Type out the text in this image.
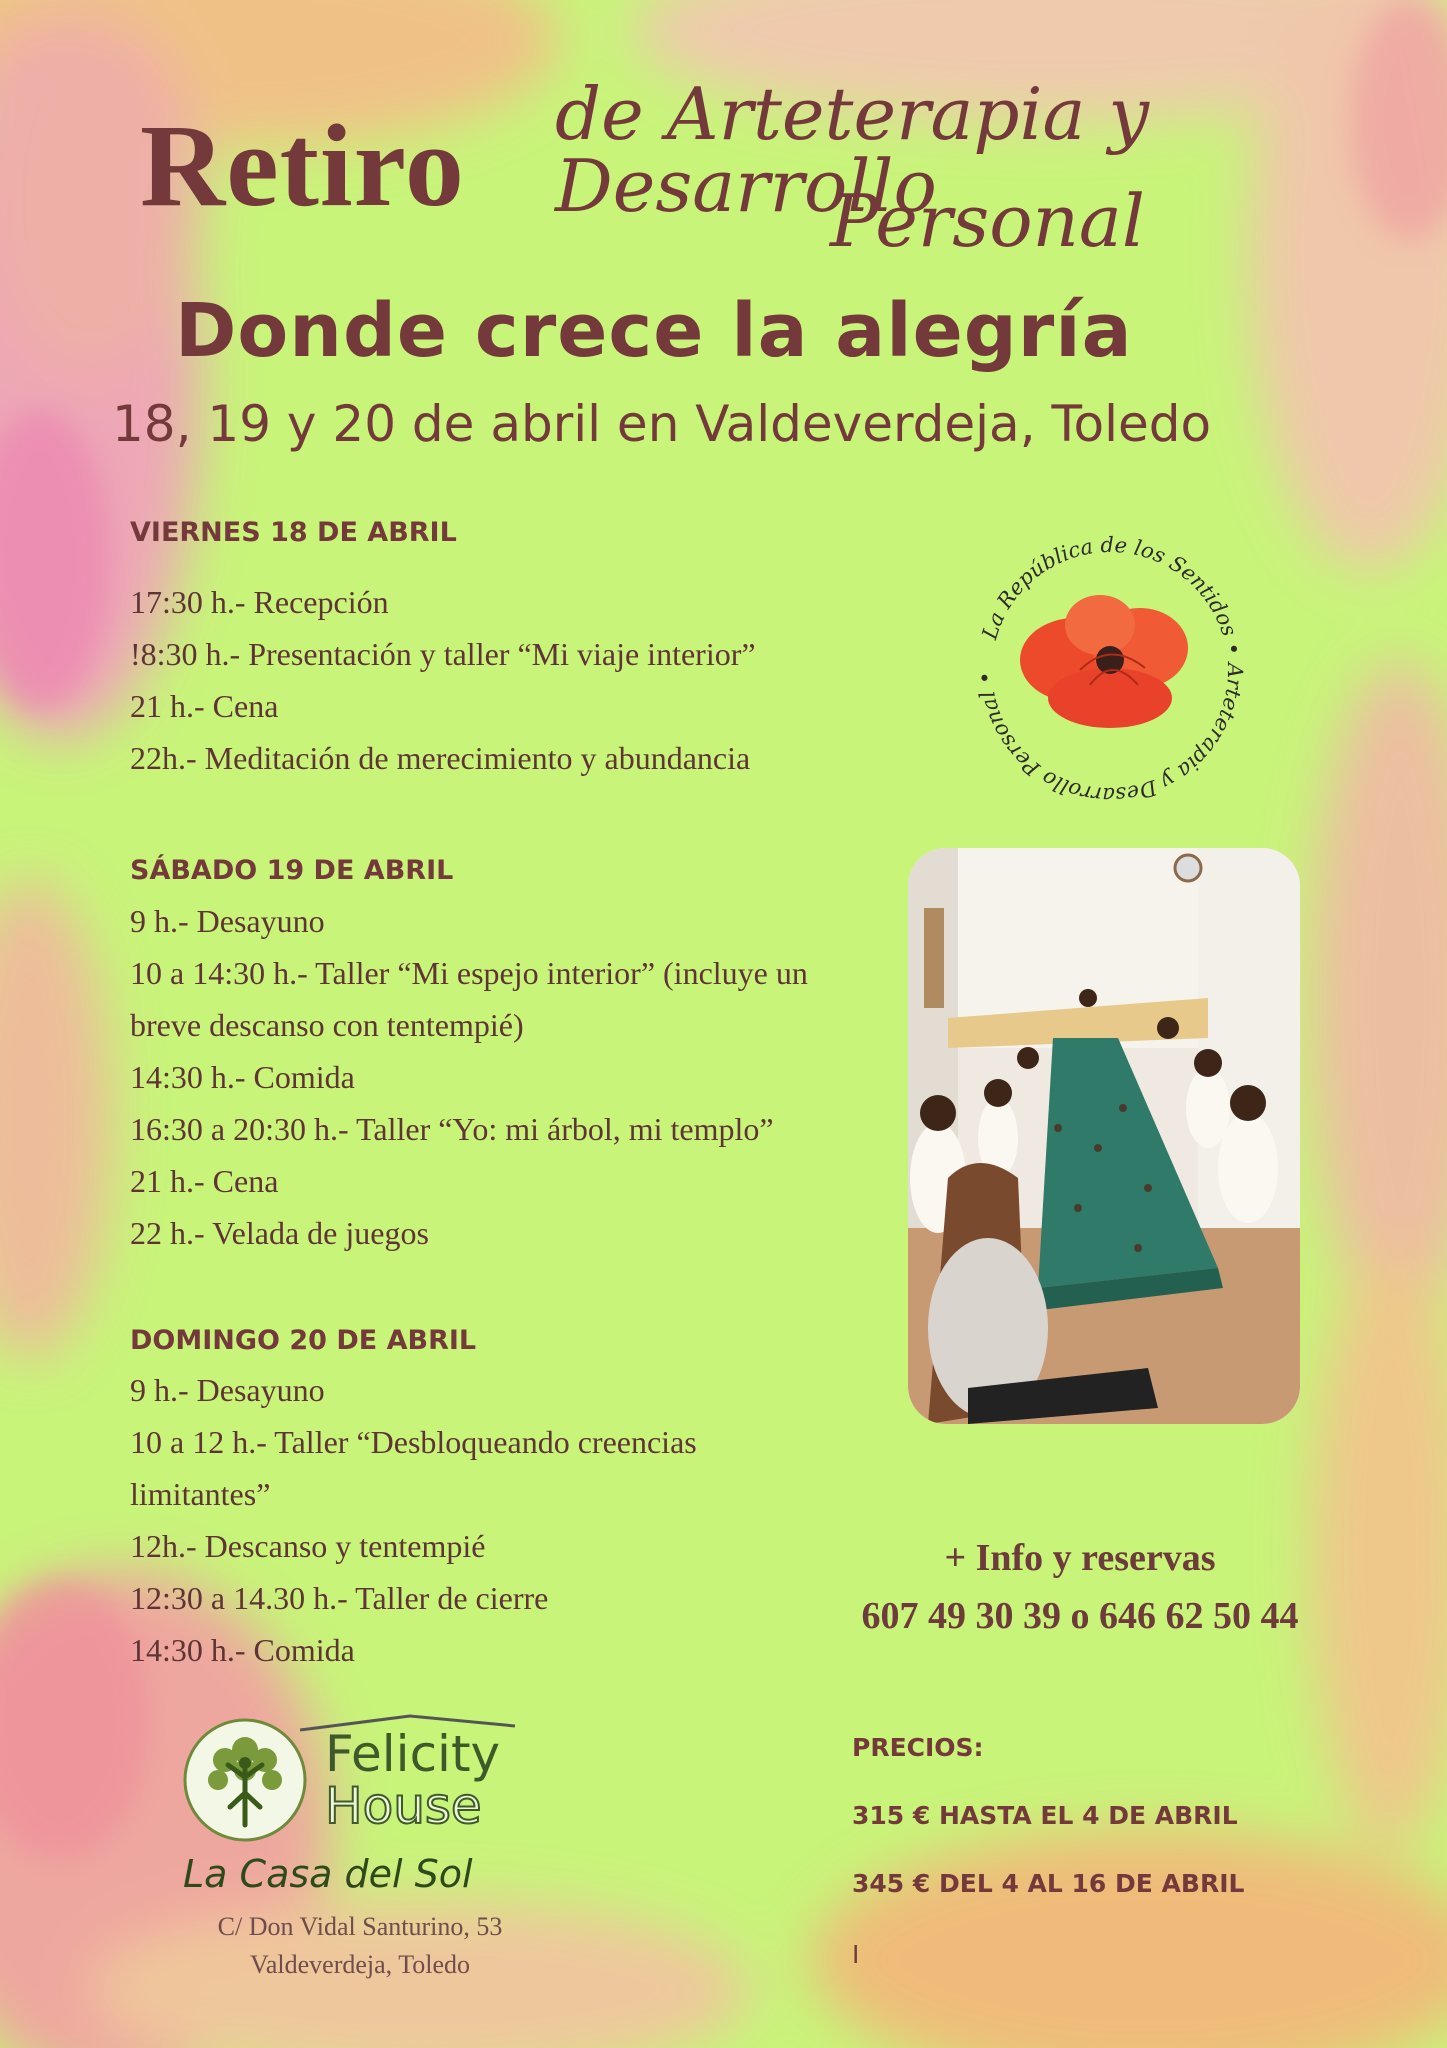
Retiro de Arteterapia y Desarrollo
Personal
Donde crece la alegría
18, 19 y 20 de abril en Valdeverdeja, Toledo
La República de los Sentidos • Arteterapia y Desarrollo Personal •
VIERNES 18 DE ABRIL
17:30 h.- Recepción
!8:30 h.- Presentación y taller “Mi viaje interior”
21 h.- Cena
22h.- Meditación de merecimiento y abundancia
SÁBADO 19 DE ABRIL
9 h.- Desayuno
10 a 14:30 h.- Taller “Mi espejo interior” (incluye un
breve descanso con tentempié)
14:30 h.- Comida
16:30 a 20:30 h.- Taller “Yo: mi árbol, mi templo”
21 h.- Cena
22 h.- Velada de juegos
DOMINGO 20 DE ABRIL
9 h.- Desayuno
10 a 12 h.- Taller “Desbloqueando creencias
limitantes”
12h.- Descanso y tentempié
12:30 a 14.30 h.- Taller de cierre
14:30 h.- Comida
+ Info y reservas
607 49 30 39 o 646 62 50 44
PRECIOS:
315 € HASTA EL 4 DE ABRIL
345 € DEL 4 AL 16 DE ABRIL
I
Felicity
House
La Casa del Sol
C/ Don Vidal Santurino, 53
Valdeverdeja, Toledo
